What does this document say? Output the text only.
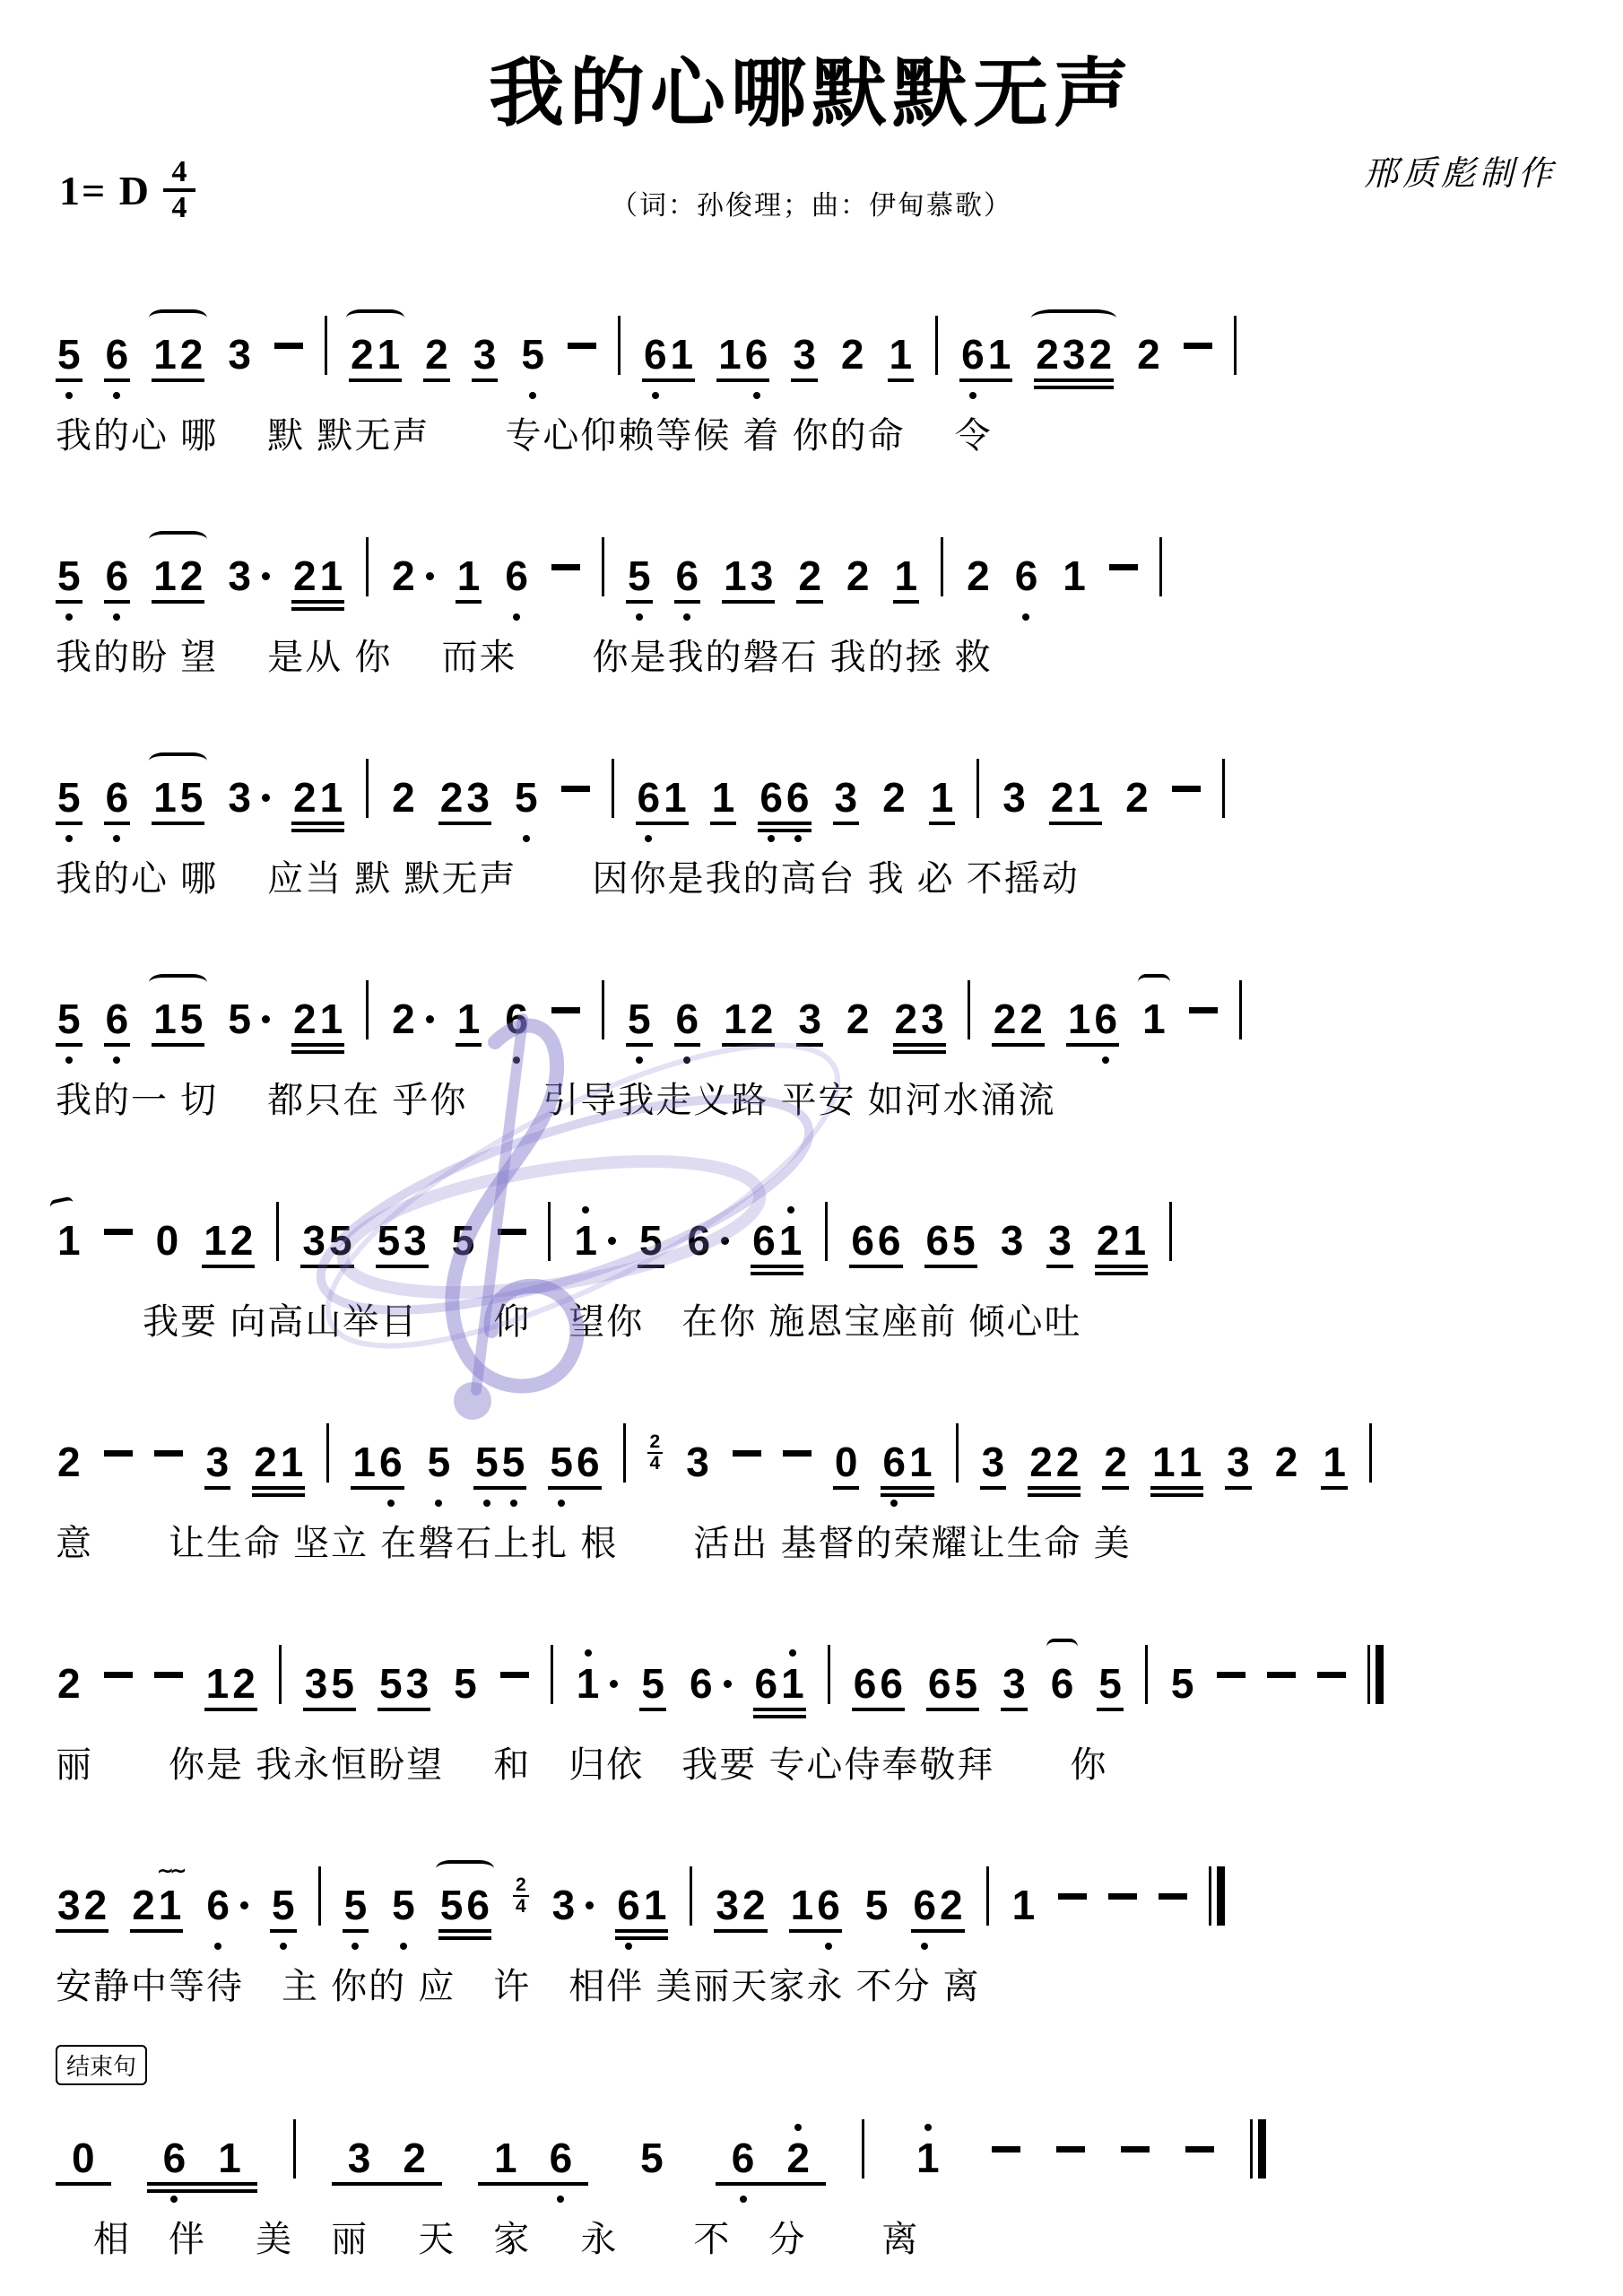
我的心哪默默无声
1= D $\frac{4}{4}$	（词：孙俊理；曲：伊甸慕歌）
邢质彪制作
5 6 1 2 3 2 1 2 3 5 6 1 1 6 3 2 1 6 1 2 3 2 2
我的心 哪　 默 默无声　　专心仰赖等候 着 你的命　 令
5 6 1 2 3 2 1 2 1 6 5 6 1 3 2 2 1 2 6 1
我的盼 望　 是从 你　 而来　　你是我的磐石 我的拯 救
5 6 1 5 3 2 1 2 2 3 5 6 1 1 6 6 3 2 1 3 2 1 2
我的心 哪　 应当 默 默无声　　因你是我的高台 我 必 不摇动
5 6 1 5 5 2 1 2 1 6 5 6 1 2 3 2 2 3 2 2 1 6 1
我的一 切　 都只在 乎你　　引导我走义路 平安 如河水涌流
1 0 1 2 3 5 5 3 5 1 5 6 6 1 6 6 6 5 3 3 2 1
　　 我要 向高山举目　　仰　望你　在你 施恩宝座前 倾心吐
2	3 2 1 1 6 5 5 5 5 6	2
4 3	0 6 1 3 2 2 2 1 1 3 2 1
意　　让生命 坚立 在磐石上扎 根　　活出 基督的荣耀让生命 美
2	1 2 3 5 5 3 5 1 5 6 6 1 6 6 6 5 3 6 5 5
丽　　你是 我永恒盼望　 和　归依　我要 专心侍奉敬拜　　你
3 2 2 1
∼∼
6 5 5 5 5 6 2
4 3 6 1 3 2 1 6 5 6 2 1
安静中等待　主 你的 应　许　相伴 美丽天家永 不分 离
结束句
0 6 1	3 2 1 6 5 6 2	1
　相　伴　 美　丽　 天　家　 永　　不　分　　离
